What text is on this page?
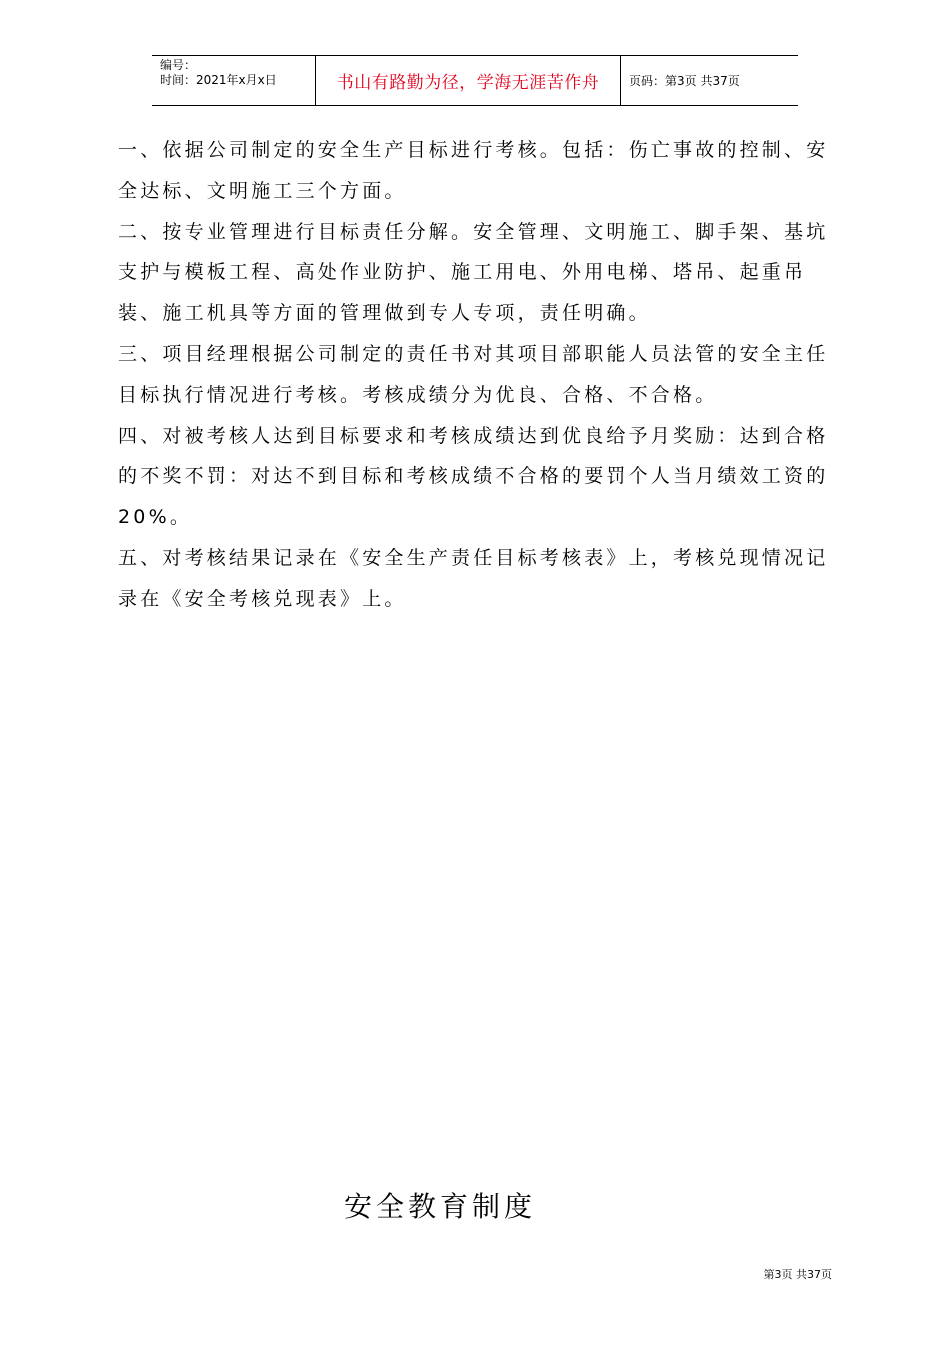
编号：
时间：2021年x月x日	书山有路勤为径，学海无涯苦作舟	页码：第3页 共37页

一、依据公司制定的安全生产目标进行考核。包括：伤亡事故的控制、安全达标、文明施工三个方面。

二、按专业管理进行目标责任分解。安全管理、文明施工、脚手架、基坑支护与模板工程、高处作业防护、施工用电、外用电梯、塔吊、起重吊装、施工机具等方面的管理做到专人专项，责任明确。

三、项目经理根据公司制定的责任书对其项目部职能人员法管的安全主任目标执行情况进行考核。考核成绩分为优良、合格、不合格。

四、对被考核人达到目标要求和考核成绩达到优良给予月奖励：达到合格的不奖不罚：对达不到目标和考核成绩不合格的要罚个人当月绩效工资的20%。

五、对考核结果记录在《安全生产责任目标考核表》上，考核兑现情况记录在《安全考核兑现表》上。

安全教育制度
第3页 共37页
